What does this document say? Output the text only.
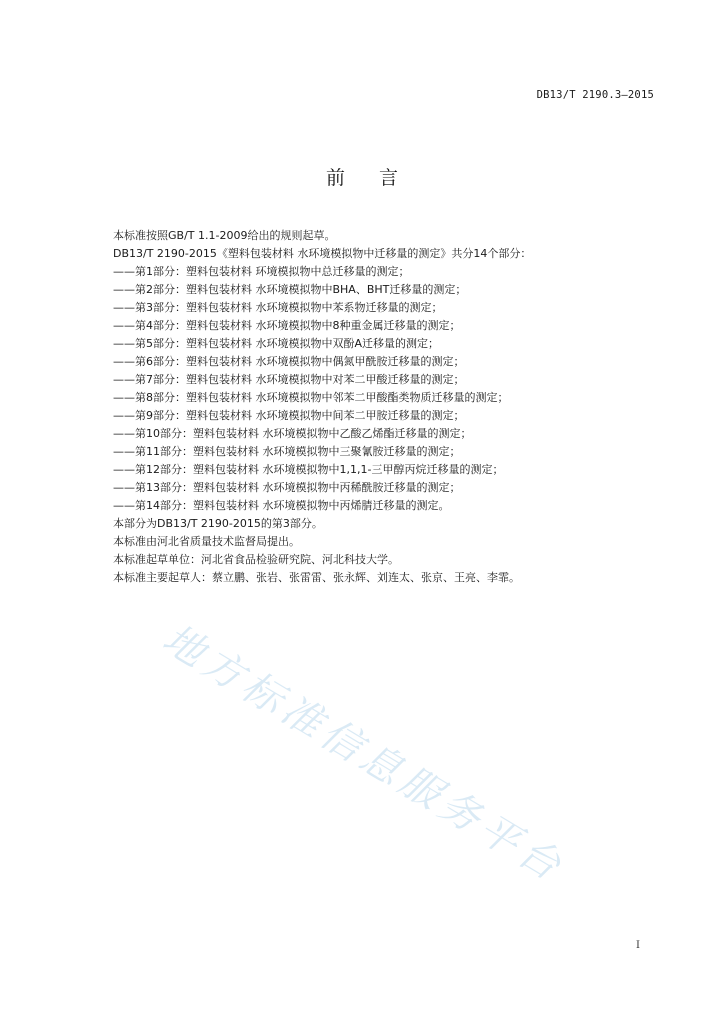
DB13/T 2190.3—2015
前言
本标准按照GB/T 1.1-2009给出的规则起草。
DB13/T 2190-2015《塑料包装材料 水环境模拟物中迁移量的测定》共分14个部分：
——第1部分：塑料包装材料 环境模拟物中总迁移量的测定；
——第2部分：塑料包装材料 水环境模拟物中BHA、BHT迁移量的测定；
——第3部分：塑料包装材料 水环境模拟物中苯系物迁移量的测定；
——第4部分：塑料包装材料 水环境模拟物中8种重金属迁移量的测定；
——第5部分：塑料包装材料 水环境模拟物中双酚A迁移量的测定；
——第6部分：塑料包装材料 水环境模拟物中偶氮甲酰胺迁移量的测定；
——第7部分：塑料包装材料 水环境模拟物中对苯二甲酸迁移量的测定；
——第8部分：塑料包装材料 水环境模拟物中邻苯二甲酸酯类物质迁移量的测定；
——第9部分：塑料包装材料 水环境模拟物中间苯二甲胺迁移量的测定；
——第10部分：塑料包装材料 水环境模拟物中乙酸乙烯酯迁移量的测定；
——第11部分：塑料包装材料 水环境模拟物中三聚氰胺迁移量的测定；
——第12部分：塑料包装材料 水环境模拟物中1,1,1-三甲醇丙烷迁移量的测定；
——第13部分：塑料包装材料 水环境模拟物中丙稀酰胺迁移量的测定；
——第14部分：塑料包装材料 水环境模拟物中丙烯腈迁移量的测定。
本部分为DB13/T 2190-2015的第3部分。
本标准由河北省质量技术监督局提出。
本标准起草单位：河北省食品检验研究院、河北科技大学。
本标准主要起草人：蔡立鹏、张岩、张雷雷、张永辉、刘连太、张京、王亮、李霏。
地方标准信息服务平台
I
